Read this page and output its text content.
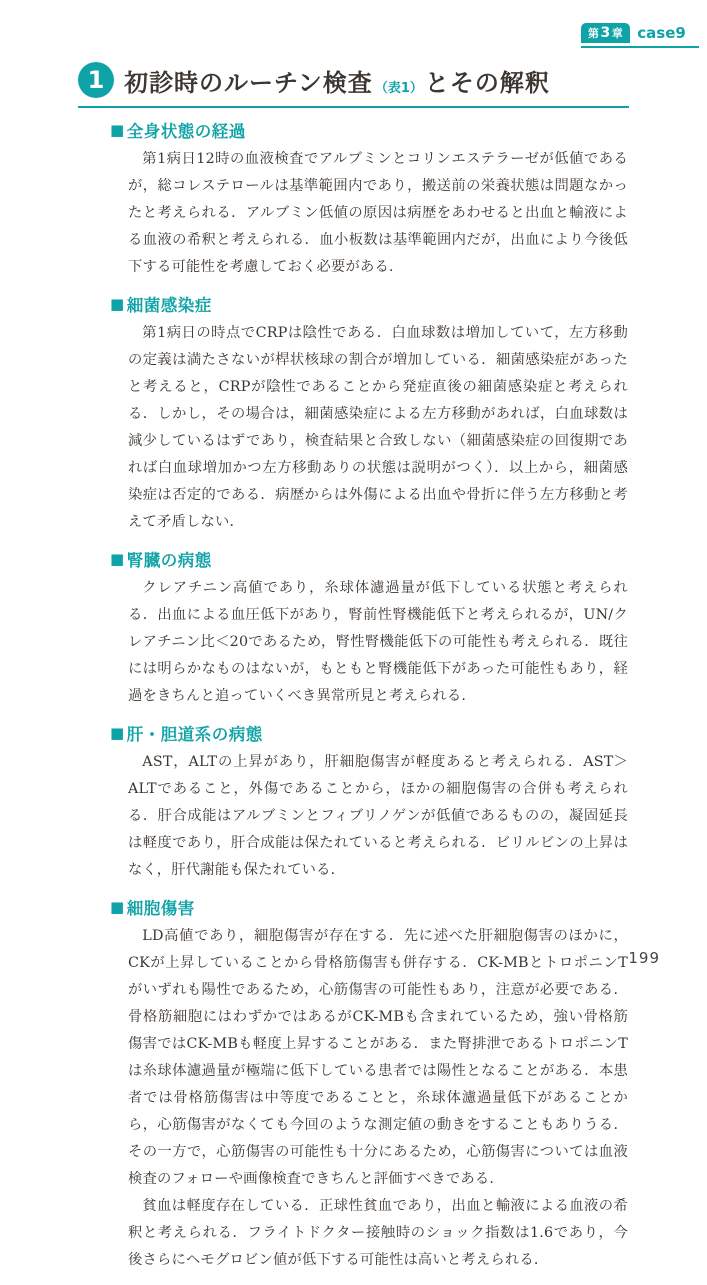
第 3 章 case9
1 初診時のルーチン検査 （表1）とその解釈
■ 全身状態の経過

第1病日12時の血液検査でアルブミンとコリンエステラーゼが低値であるが，総コレステロールは基準範囲内であり，搬送前の栄養状態は問題なかったと考えられる．アルブミン低値の原因は病歴をあわせると出血と輸液による血液の希釈と考えられる．血小板数は基準範囲内だが，出血により今後低下する可能性を考慮しておく必要がある．

■ 細菌感染症

第1病日の時点でCRPは陰性である．白血球数は増加していて，左方移動の定義は満たさないが桿状核球の割合が増加している．細菌感染症があったと考えると，CRPが陰性であることから発症直後の細菌感染症と考えられる．しかし，その場合は，細菌感染症による左方移動があれば，白血球数は減少しているはずであり，検査結果と合致しない（細菌感染症の回復期であれば白血球増加かつ左方移動ありの状態は説明がつく）．以上から，細菌感染症は否定的である．病歴からは外傷による出血や骨折に伴う左方移動と考えて矛盾しない．

■ 腎臓の病態

クレアチニン高値であり，糸球体濾過量が低下している状態と考えられる．出血による血圧低下があり，腎前性腎機能低下と考えられるが，UN/クレアチニン比＜20であるため，腎性腎機能低下の可能性も考えられる．既往には明らかなものはないが，もともと腎機能低下があった可能性もあり，経過をきちんと追っていくべき異常所見と考えられる．

■ 肝・胆道系の病態

AST，ALTの上昇があり，肝細胞傷害が軽度あると考えられる．AST＞ALTであること，外傷であることから，ほかの細胞傷害の合併も考えられる．肝合成能はアルブミンとフィブリノゲンが低値であるものの，凝固延長は軽度であり，肝合成能は保たれていると考えられる．ビリルビンの上昇はなく，肝代謝能も保たれている．

■ 細胞傷害

LD高値であり，細胞傷害が存在する．先に述べた肝細胞傷害のほかに，CKが上昇していることから骨格筋傷害も併存する．CK-MBとトロポニンTがいずれも陽性であるため，心筋傷害の可能性もあり，注意が必要である．骨格筋細胞にはわずかではあるがCK-MBも含まれているため，強い骨格筋傷害ではCK-MBも軽度上昇することがある．また腎排泄であるトロポニンTは糸球体濾過量が極端に低下している患者では陽性となることがある．本患者では骨格筋傷害は中等度であることと，糸球体濾過量低下があることから，心筋傷害がなくても今回のような測定値の動きをすることもありうる．その一方で，心筋傷害の可能性も十分にあるため，心筋傷害については血液検査のフォローや画像検査できちんと評価すべきである．

貧血は軽度存在している．正球性貧血であり，出血と輸液による血液の希釈と考えられる．フライトドクター接触時のショック指数は1.6であり，今後さらにヘモグロビン値が低下する可能性は高いと考えられる．

199
